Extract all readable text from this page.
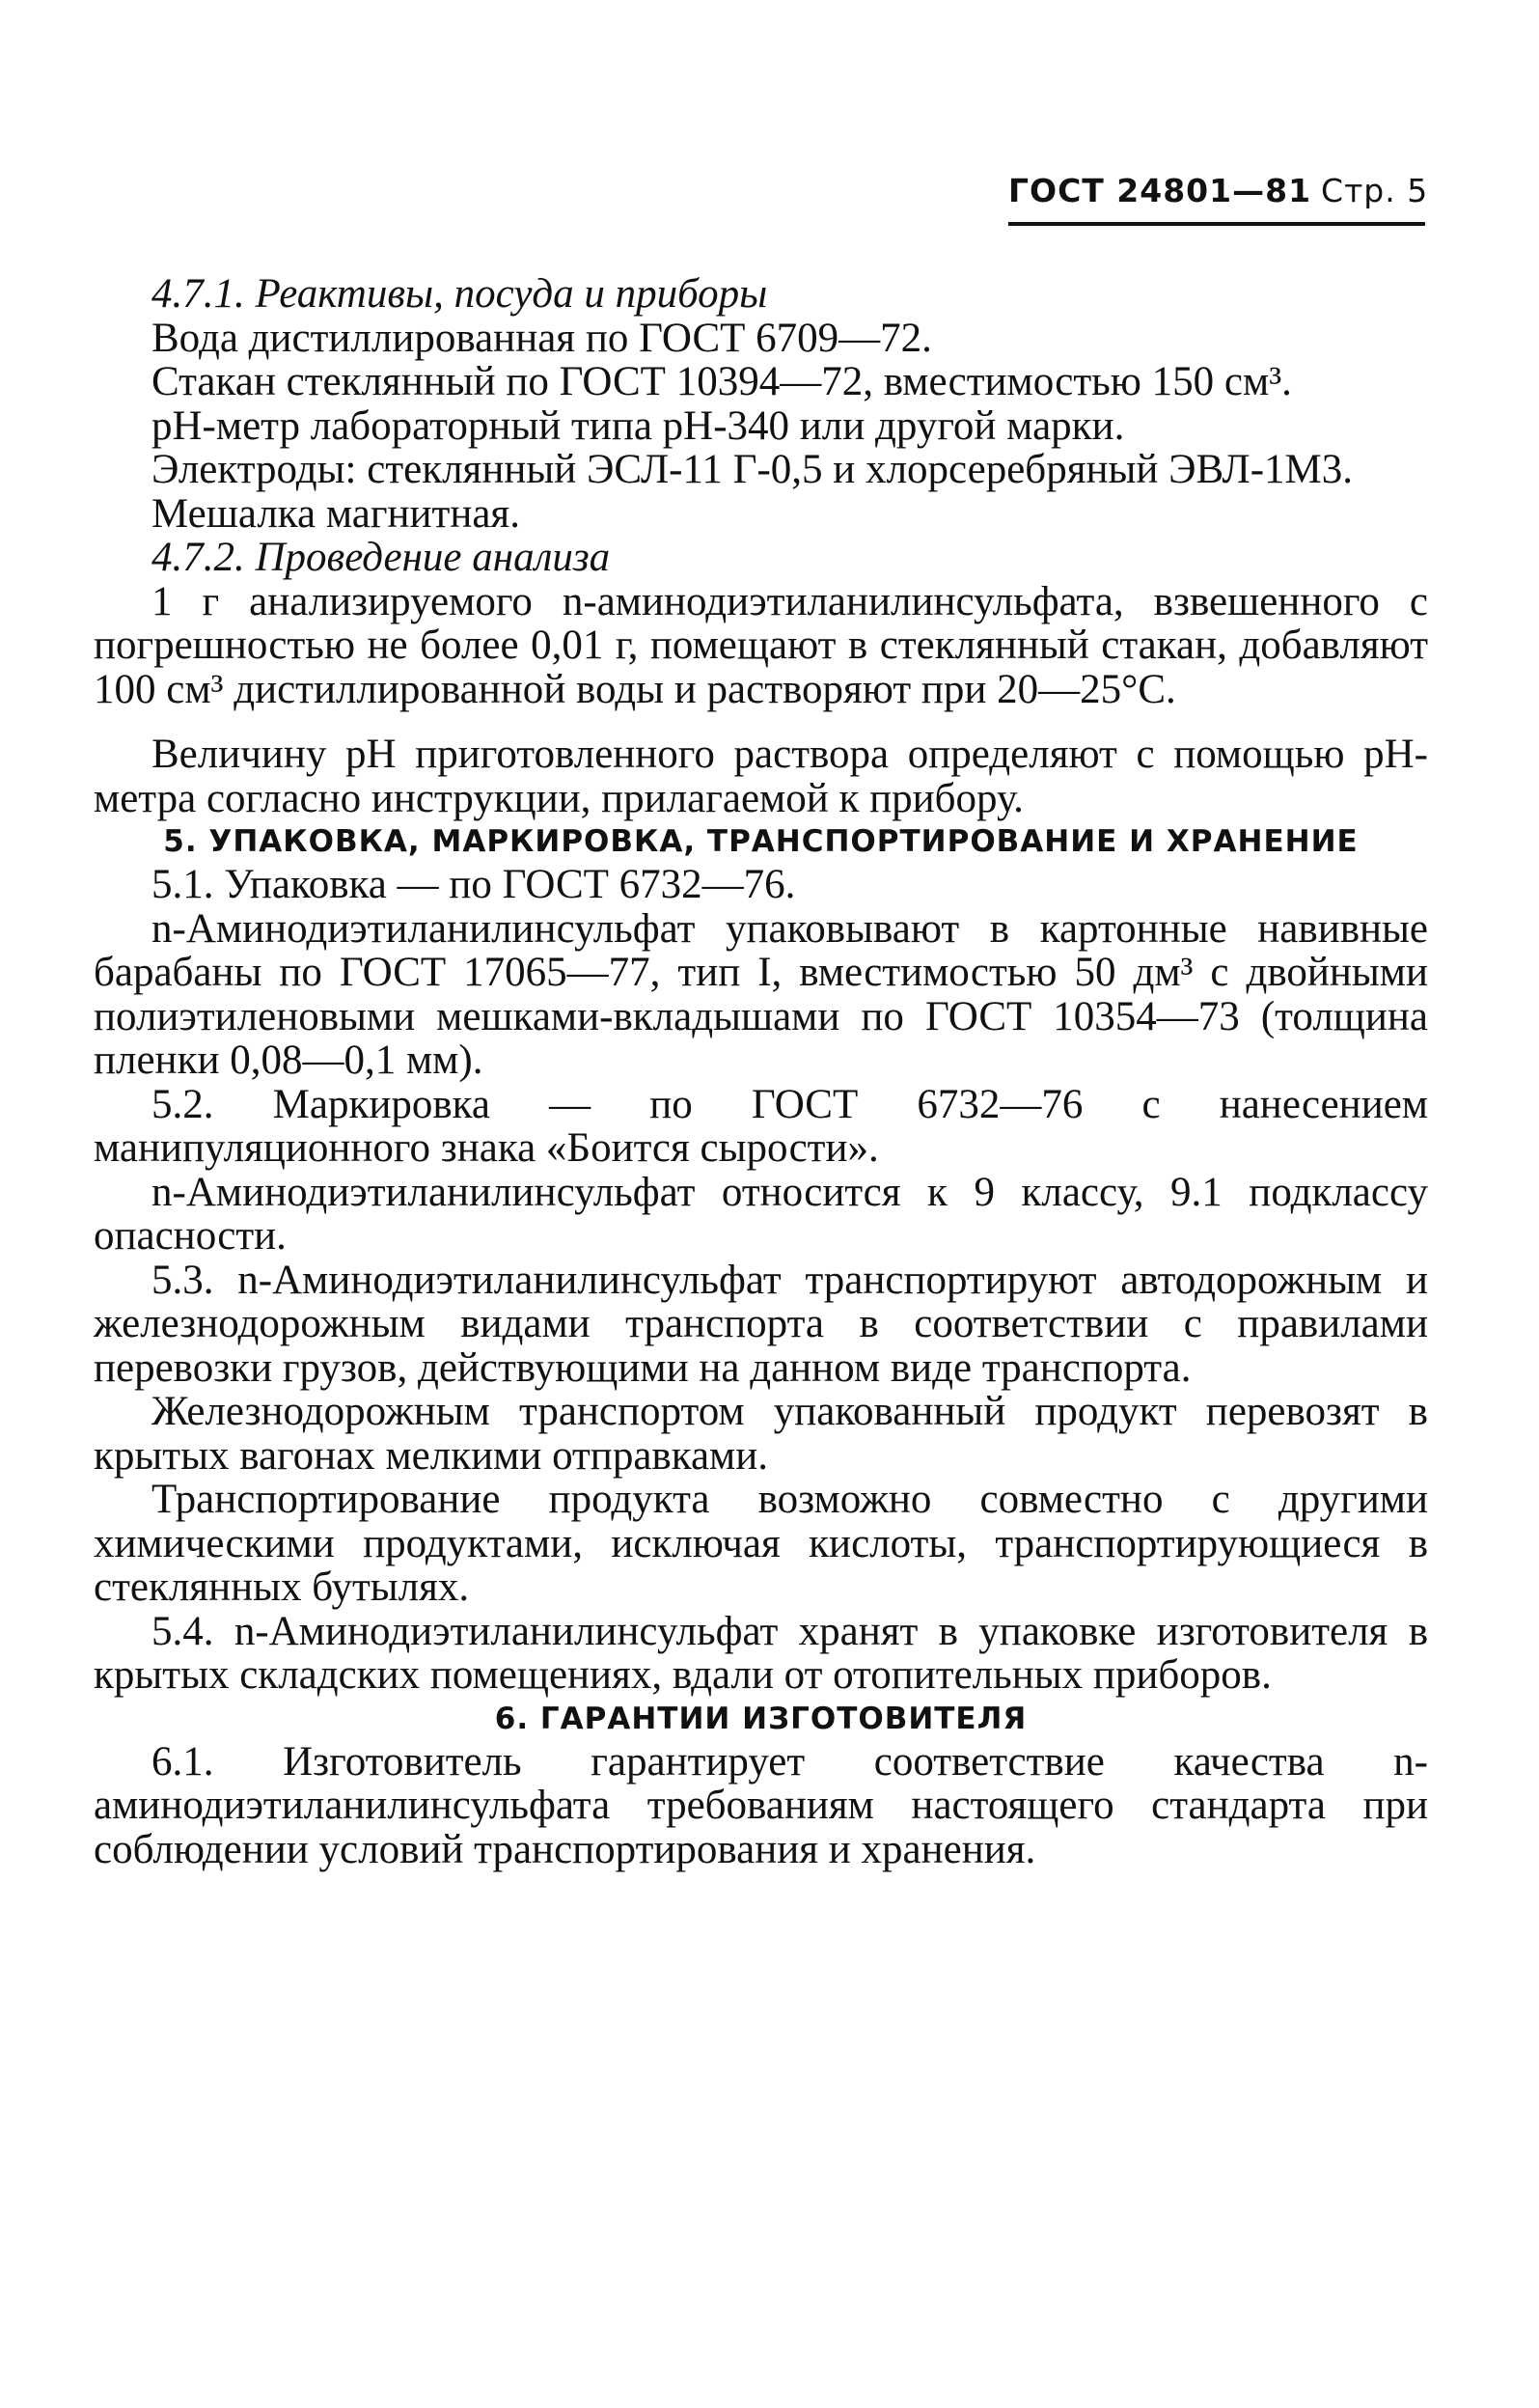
ГОСТ 24801—81 Стр. 5

4.7.1. Реактивы, посуда и приборы

Вода дистиллированная по ГОСТ 6709—72.

Стакан стеклянный по ГОСТ 10394—72, вместимостью 150 см³.

pH-метр лабораторный типа pH-340 или другой марки.

Электроды: стеклянный ЭСЛ-11 Г-0,5 и хлорсеребряный ЭВЛ-1М3.

Мешалка магнитная.

4.7.2. Проведение анализа

1 г анализируемого n-аминодиэтиланилинсульфата, взвешенного с погрешностью не более 0,01 г, помещают в стеклянный стакан, добавляют 100 см³ дистиллированной воды и растворяют при 20—25°С.

Величину pH приготовленного раствора определяют с помощью pH-метра согласно инструкции, прилагаемой к прибору.

5. УПАКОВКА, МАРКИРОВКА, ТРАНСПОРТИРОВАНИЕ И ХРАНЕНИЕ

5.1. Упаковка — по ГОСТ 6732—76.

n-Аминодиэтиланилинсульфат упаковывают в картонные навивные барабаны по ГОСТ 17065—77, тип I, вместимостью 50 дм³ с двойными полиэтиленовыми мешками-вкладышами по ГОСТ 10354—73 (толщина пленки 0,08—0,1 мм).

5.2. Маркировка — по ГОСТ 6732—76 с нанесением манипуляционного знака «Боится сырости».

n-Аминодиэтиланилинсульфат относится к 9 классу, 9.1 подклассу опасности.

5.3. n-Аминодиэтиланилинсульфат транспортируют автодорожным и железнодорожным видами транспорта в соответствии с правилами перевозки грузов, действующими на данном виде транспорта.

Железнодорожным транспортом упакованный продукт перевозят в крытых вагонах мелкими отправками.

Транспортирование продукта возможно совместно с другими химическими продуктами, исключая кислоты, транспортирующиеся в стеклянных бутылях.

5.4. n-Аминодиэтиланилинсульфат хранят в упаковке изготовителя в крытых складских помещениях, вдали от отопительных приборов.

6. ГАРАНТИИ ИЗГОТОВИТЕЛЯ

6.1. Изготовитель гарантирует соответствие качества n-аминодиэтиланилинсульфата требованиям настоящего стандарта при соблюдении условий транспортирования и хранения.
